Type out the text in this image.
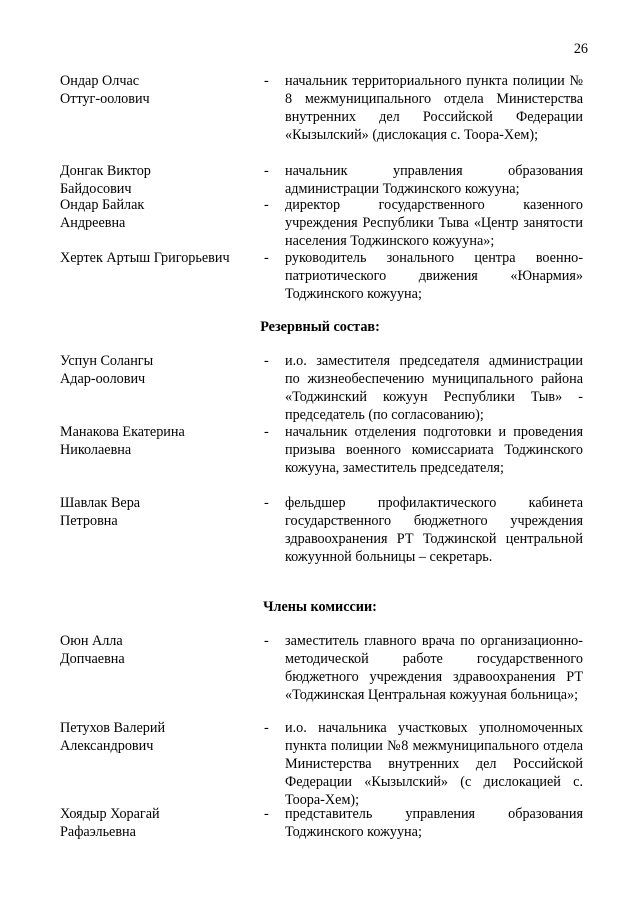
26
Ондар Олчас
Оттуг-оолович
-	начальник территориального пункта полиции № 8 межмуниципального отдела Министерства внутренних дел Российской Федерации «Кызылский» (дислокация с. Тоора-Хем);
Донгак Виктор
Байдосович
-	начальник управления образования администрации Тоджинского кожууна;
Ондар Байлак
Андреевна
-	директор государственного казенного учреждения Республики Тыва «Центр занятости населения Тоджинского кожууна»;
Хертек Артыш Григорьевич	-	руководитель зонального центра военно-патриотического движения «Юнармия» Тоджинского кожууна;
Резервный состав:
Успун Солангы
Адар-оолович
-	и.о. заместителя председателя администрации по жизнеобеспечению муниципального района «Тоджинский кожуун Республики Тыв» - председатель (по согласованию);
Манакова Екатерина
Николаевна
-	начальник отделения подготовки и проведения призыва военного комиссариата Тоджинского кожууна, заместитель председателя;
Шавлак Вера
Петровна
-	фельдшер профилактического кабинета государственного бюджетного учреждения здравоохранения РТ Тоджинской центральной кожуунной больницы – секретарь.
Члены комиссии:
Оюн Алла
Допчаевна
-	заместитель главного врача по организационно-методической работе государственного бюджетного учреждения здравоохранения РТ «Тоджинская Центральная кожууная больница»;
Петухов Валерий
Александрович
-	и.о. начальника участковых уполномоченных пункта полиции №8 межмуниципального отдела Министерства внутренних дел Российской Федерации «Кызылский» (с дислокацией с. Тоора-Хем);
Хоядыр Хорагай
Рафаэльевна
-	представитель управления образования Тоджинского кожууна;
